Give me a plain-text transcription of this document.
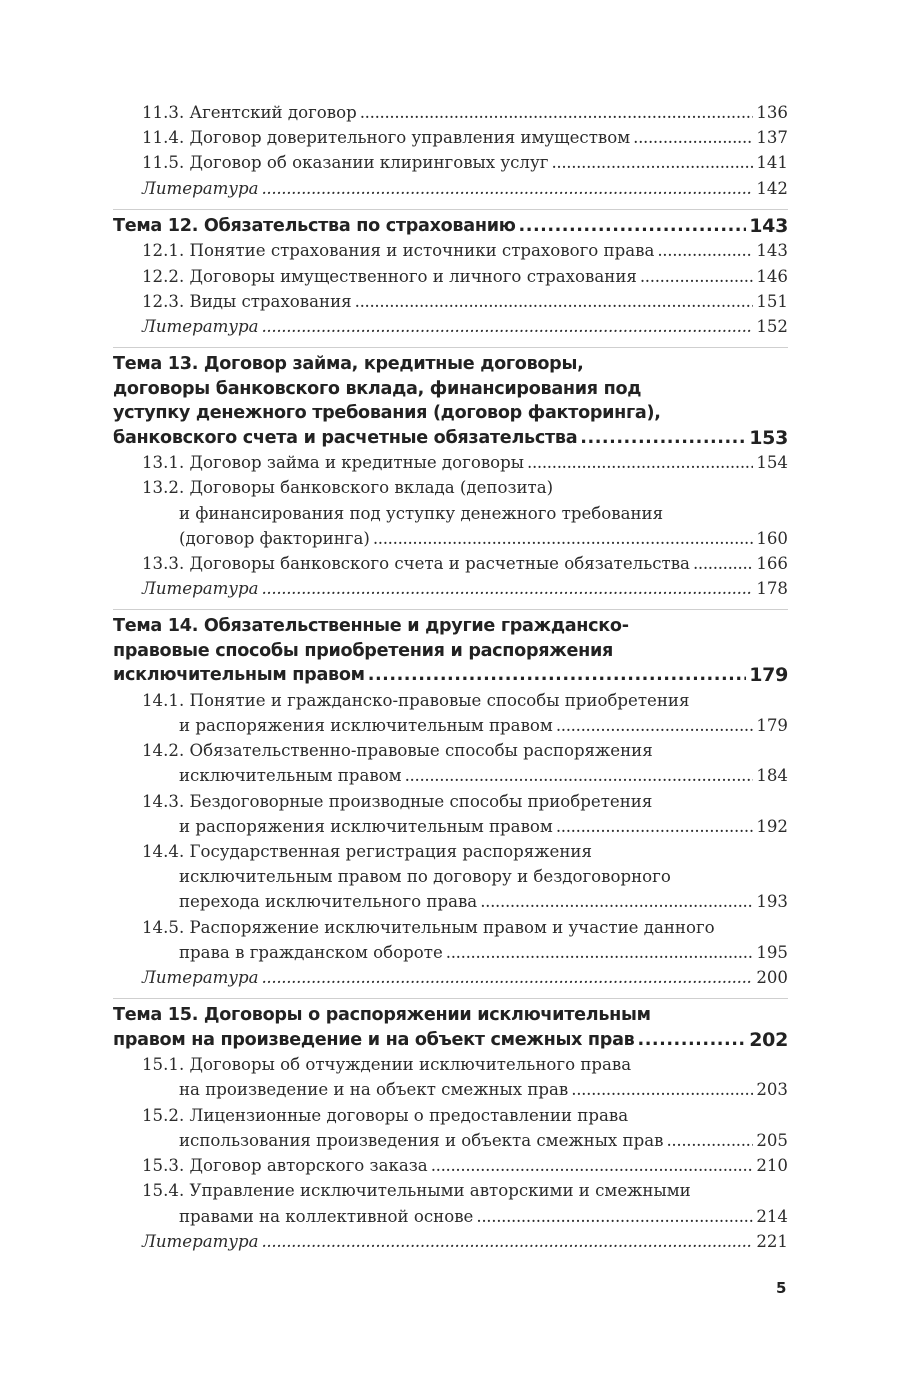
11.3. Агентский договор . . .	136
11.4. Договор доверительного управления имуществом . . .	137
11.5. Договор об оказании клиринговых услуг . . .	141
Литература . . .	142
Тема 12. Обязательства по страхованию . . .	143
12.1. Понятие страхования и источники страхового права . . .	143
12.2. Договоры имущественного и личного страхования . . .	146
12.3. Виды страхования . . .	151
Литература . . .	152
Тема 13. Договор займа, кредитные договоры,
договоры банковского вклада, финансирования под
уступку денежного требования (договор факторинга),
банковского счета и расчетные обязательства . . .	153
13.1. Договор займа и кредитные договоры . . .	154
13.2. Договоры банковского вклада (депозита)
и финансирования под уступку денежного требования
(договор факторинга) . . .	160
13.3. Договоры банковского счета и расчетные обязательства . . .	166
Литература . . .	178
Тема 14. Обязательственные и другие гражданско-
правовые способы приобретения и распоряжения
исключительным правом . . .	179
14.1. Понятие и гражданско-правовые способы приобретения
и распоряжения исключительным правом . . .	179
14.2. Обязательственно-правовые способы распоряжения
исключительным правом . . .	184
14.3. Бездоговорные производные способы приобретения
и распоряжения исключительным правом . . .	192
14.4. Государственная регистрация распоряжения
исключительным правом по договору и бездоговорного
перехода исключительного права . . .	193
14.5. Распоряжение исключительным правом и участие данного
права в гражданском обороте . . .	195
Литература . . .	200
Тема 15. Договоры о распоряжении исключительным
правом на произведение и на объект смежных прав . . .	202
15.1. Договоры об отчуждении исключительного права
на произведение и на объект смежных прав . . .	203
15.2. Лицензионные договоры о предоставлении права
использования произведения и объекта смежных прав . . .	205
15.3. Договор авторского заказа . . .	210
15.4. Управление исключительными авторскими и смежными
правами на коллективной основе . . .	214
Литература . . .	221
5
